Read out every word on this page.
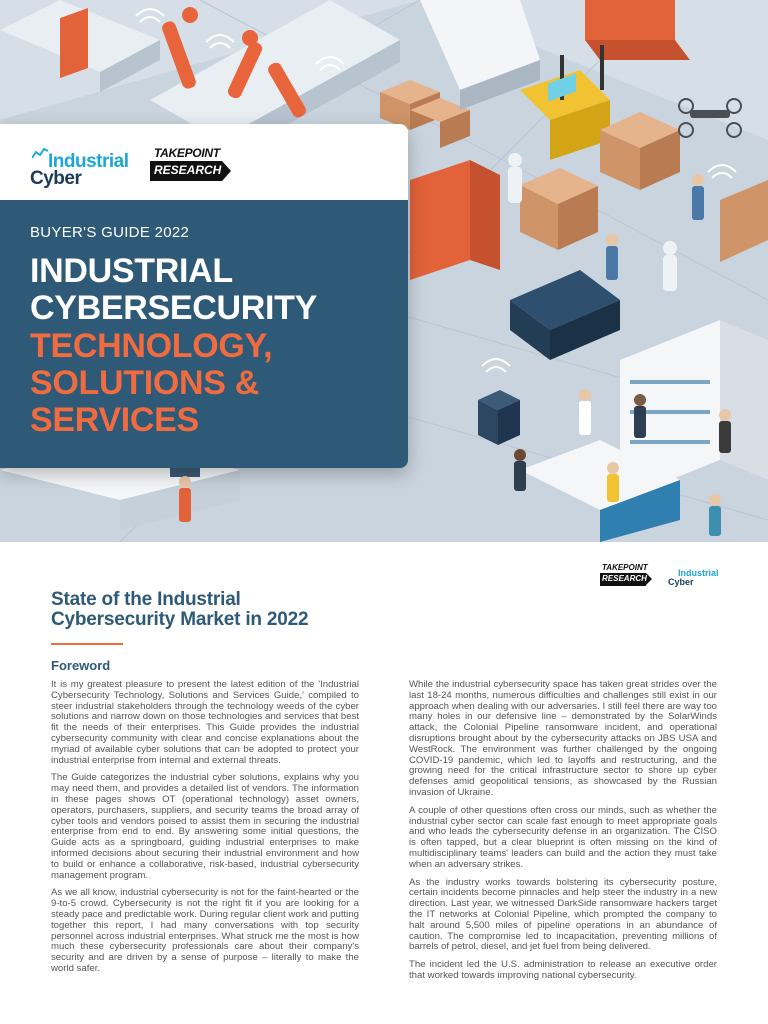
Industrial
Cyber
TAKEPOINT
RESEARCH
BUYER'S GUIDE 2022
INDUSTRIAL
CYBERSECURITY
TECHNOLOGY,
SOLUTIONS &
SERVICES
TAKEPOINT
RESEARCH
Industrial
Cyber
State of the Industrial
Cybersecurity Market in 2022
Foreword

It is my greatest pleasure to present the latest edition of the 'Industrial Cybersecurity Technology, Solutions and Services Guide,' compiled to steer industrial stakeholders through the technology weeds of the cyber solutions and narrow down on those technologies and services that best fit the needs of their enterprises. This Guide provides the industrial cybersecurity community with clear and concise explanations about the myriad of available cyber solutions that can be adopted to protect your industrial enterprise from internal and external threats.

The Guide categorizes the industrial cyber solutions, explains why you may need them, and provides a detailed list of vendors. The information in these pages shows OT (operational technology) asset owners, operators, purchasers, suppliers, and security teams the broad array of cyber tools and vendors poised to assist them in securing the industrial enterprise from end to end. By answering some initial questions, the Guide acts as a springboard, guiding industrial enterprises to make informed decisions about securing their industrial environment and how to build or enhance a collaborative, risk-based, industrial cybersecurity management program.

As we all know, industrial cybersecurity is not for the faint-hearted or the 9-to-5 crowd. Cybersecurity is not the right fit if you are looking for a steady pace and predictable work. During regular client work and putting together this report, I had many conversations with top security personnel across industrial enterprises. What struck me the most is how much these cybersecurity professionals care about their company's security and are driven by a sense of purpose – literally to make the world safer.

While the industrial cybersecurity space has taken great strides over the last 18-24 months, numerous difficulties and challenges still exist in our approach when dealing with our adversaries. I still feel there are way too many holes in our defensive line – demonstrated by the SolarWinds attack, the Colonial Pipeline ransomware incident, and operational disruptions brought about by the cybersecurity attacks on JBS USA and WestRock. The environment was further challenged by the ongoing COVID-19 pandemic, which led to layoffs and restructuring, and the growing need for the critical infrastructure sector to shore up cyber defenses amid geopolitical tensions, as showcased by the Russian invasion of Ukraine.

A couple of other questions often cross our minds, such as whether the industrial cyber sector can scale fast enough to meet appropriate goals and who leads the cybersecurity defense in an organization. The CISO is often tapped, but a clear blueprint is often missing on the kind of multidisciplinary teams' leaders can build and the action they must take when an adversary strikes.

As the industry works towards bolstering its cybersecurity posture, certain incidents become pinnacles and help steer the industry in a new direction. Last year, we witnessed DarkSide ransomware hackers target the IT networks at Colonial Pipeline, which prompted the company to halt around 5,500 miles of pipeline operations in an abundance of caution. The compromise led to incapacitation, preventing millions of barrels of petrol, diesel, and jet fuel from being delivered.

The incident led the U.S. administration to release an executive order that worked towards improving national cybersecurity.
